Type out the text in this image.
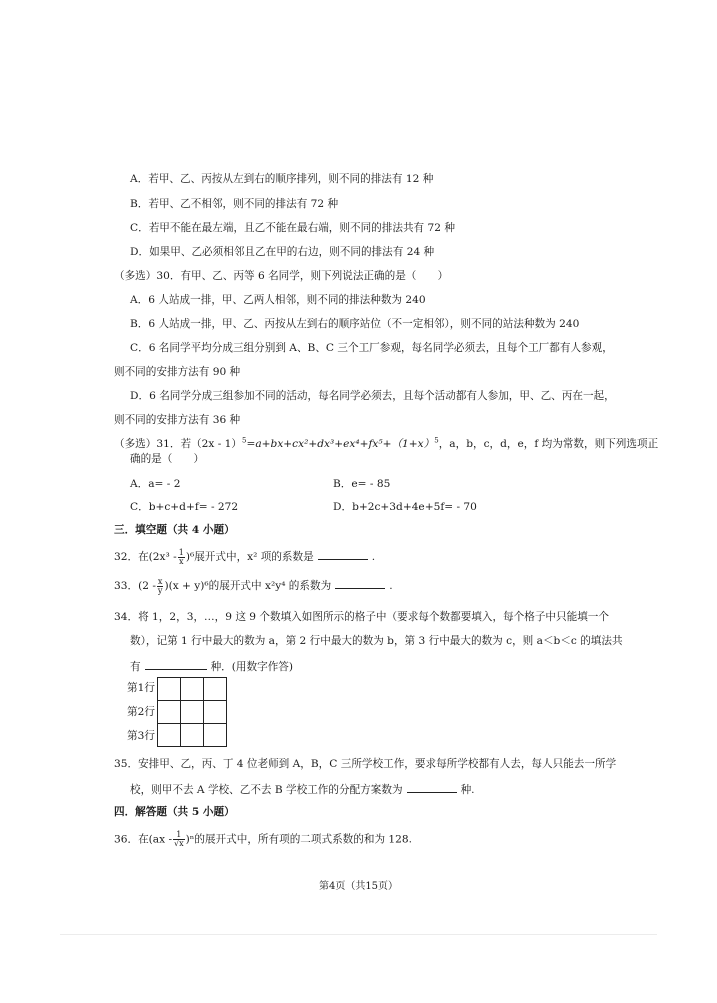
A．若甲、乙、丙按从左到右的顺序排列，则不同的排法有 12 种
B．若甲、乙不相邻，则不同的排法有 72 种
C．若甲不能在最左端，且乙不能在最右端，则不同的排法共有 72 种
D．如果甲、乙必须相邻且乙在甲的右边，则不同的排法有 24 种
（多选）30．有甲、乙、丙等 6 名同学，则下列说法正确的是（　　）
A．6 人站成一排，甲、乙两人相邻，则不同的排法种数为 240
B．6 人站成一排，甲、乙、丙按从左到右的顺序站位（不一定相邻），则不同的站法种数为 240
C．6 名同学平均分成三组分别到 A、B、C 三个工厂参观，每名同学必须去，且每个工厂都有人参观，
则不同的安排方法有 90 种
D．6 名同学分成三组参加不同的活动，每名同学必须去，且每个活动都有人参加，甲、乙、丙在一起，
则不同的安排方法有 36 种
（多选）31．若$(2x - 1)^5=a+bx+cx^2+dx^3+ex^4+fx^5+(1+x)^5$，a，b，c，d，e，f 均为常数，则下列选项正
确的是（　　）
A．a= - 2	B．e= - 85
C．b+c+d+f= - 272	D．b+2c+3d+4e+5f= - 70
三．填空题（共 4 小题）
32．在$(2x^3 - \frac{1}{x} )^6$展开式中，x² 项的系数是	.
33．$(2 - \frac{x}{y} )(x + y)^6$的展开式中 x²y⁴ 的系数为	.
34．将 1，2，3，…，9 这 9 个数填入如图所示的格子中（要求每个数都要填入，每个格子中只能填一个
数），记第 1 行中最大的数为 a，第 2 行中最大的数为 b，第 3 行中最大的数为 c，则 a＜b＜c 的填法共
有	种．(用数字作答)
第1行
第2行
第3行

35．安排甲、乙，丙、丁 4 位老师到 A，B，C 三所学校工作，要求每所学校都有人去，每人只能去一所学
校，则甲不去 A 学校、乙不去 B 学校工作的分配方案数为	种.
四．解答题（共 5 小题）
36．在$(ax - \frac{1}{√x} )^n$的展开式中，所有项的二项式系数的和为 128.
第4页（共15页）
